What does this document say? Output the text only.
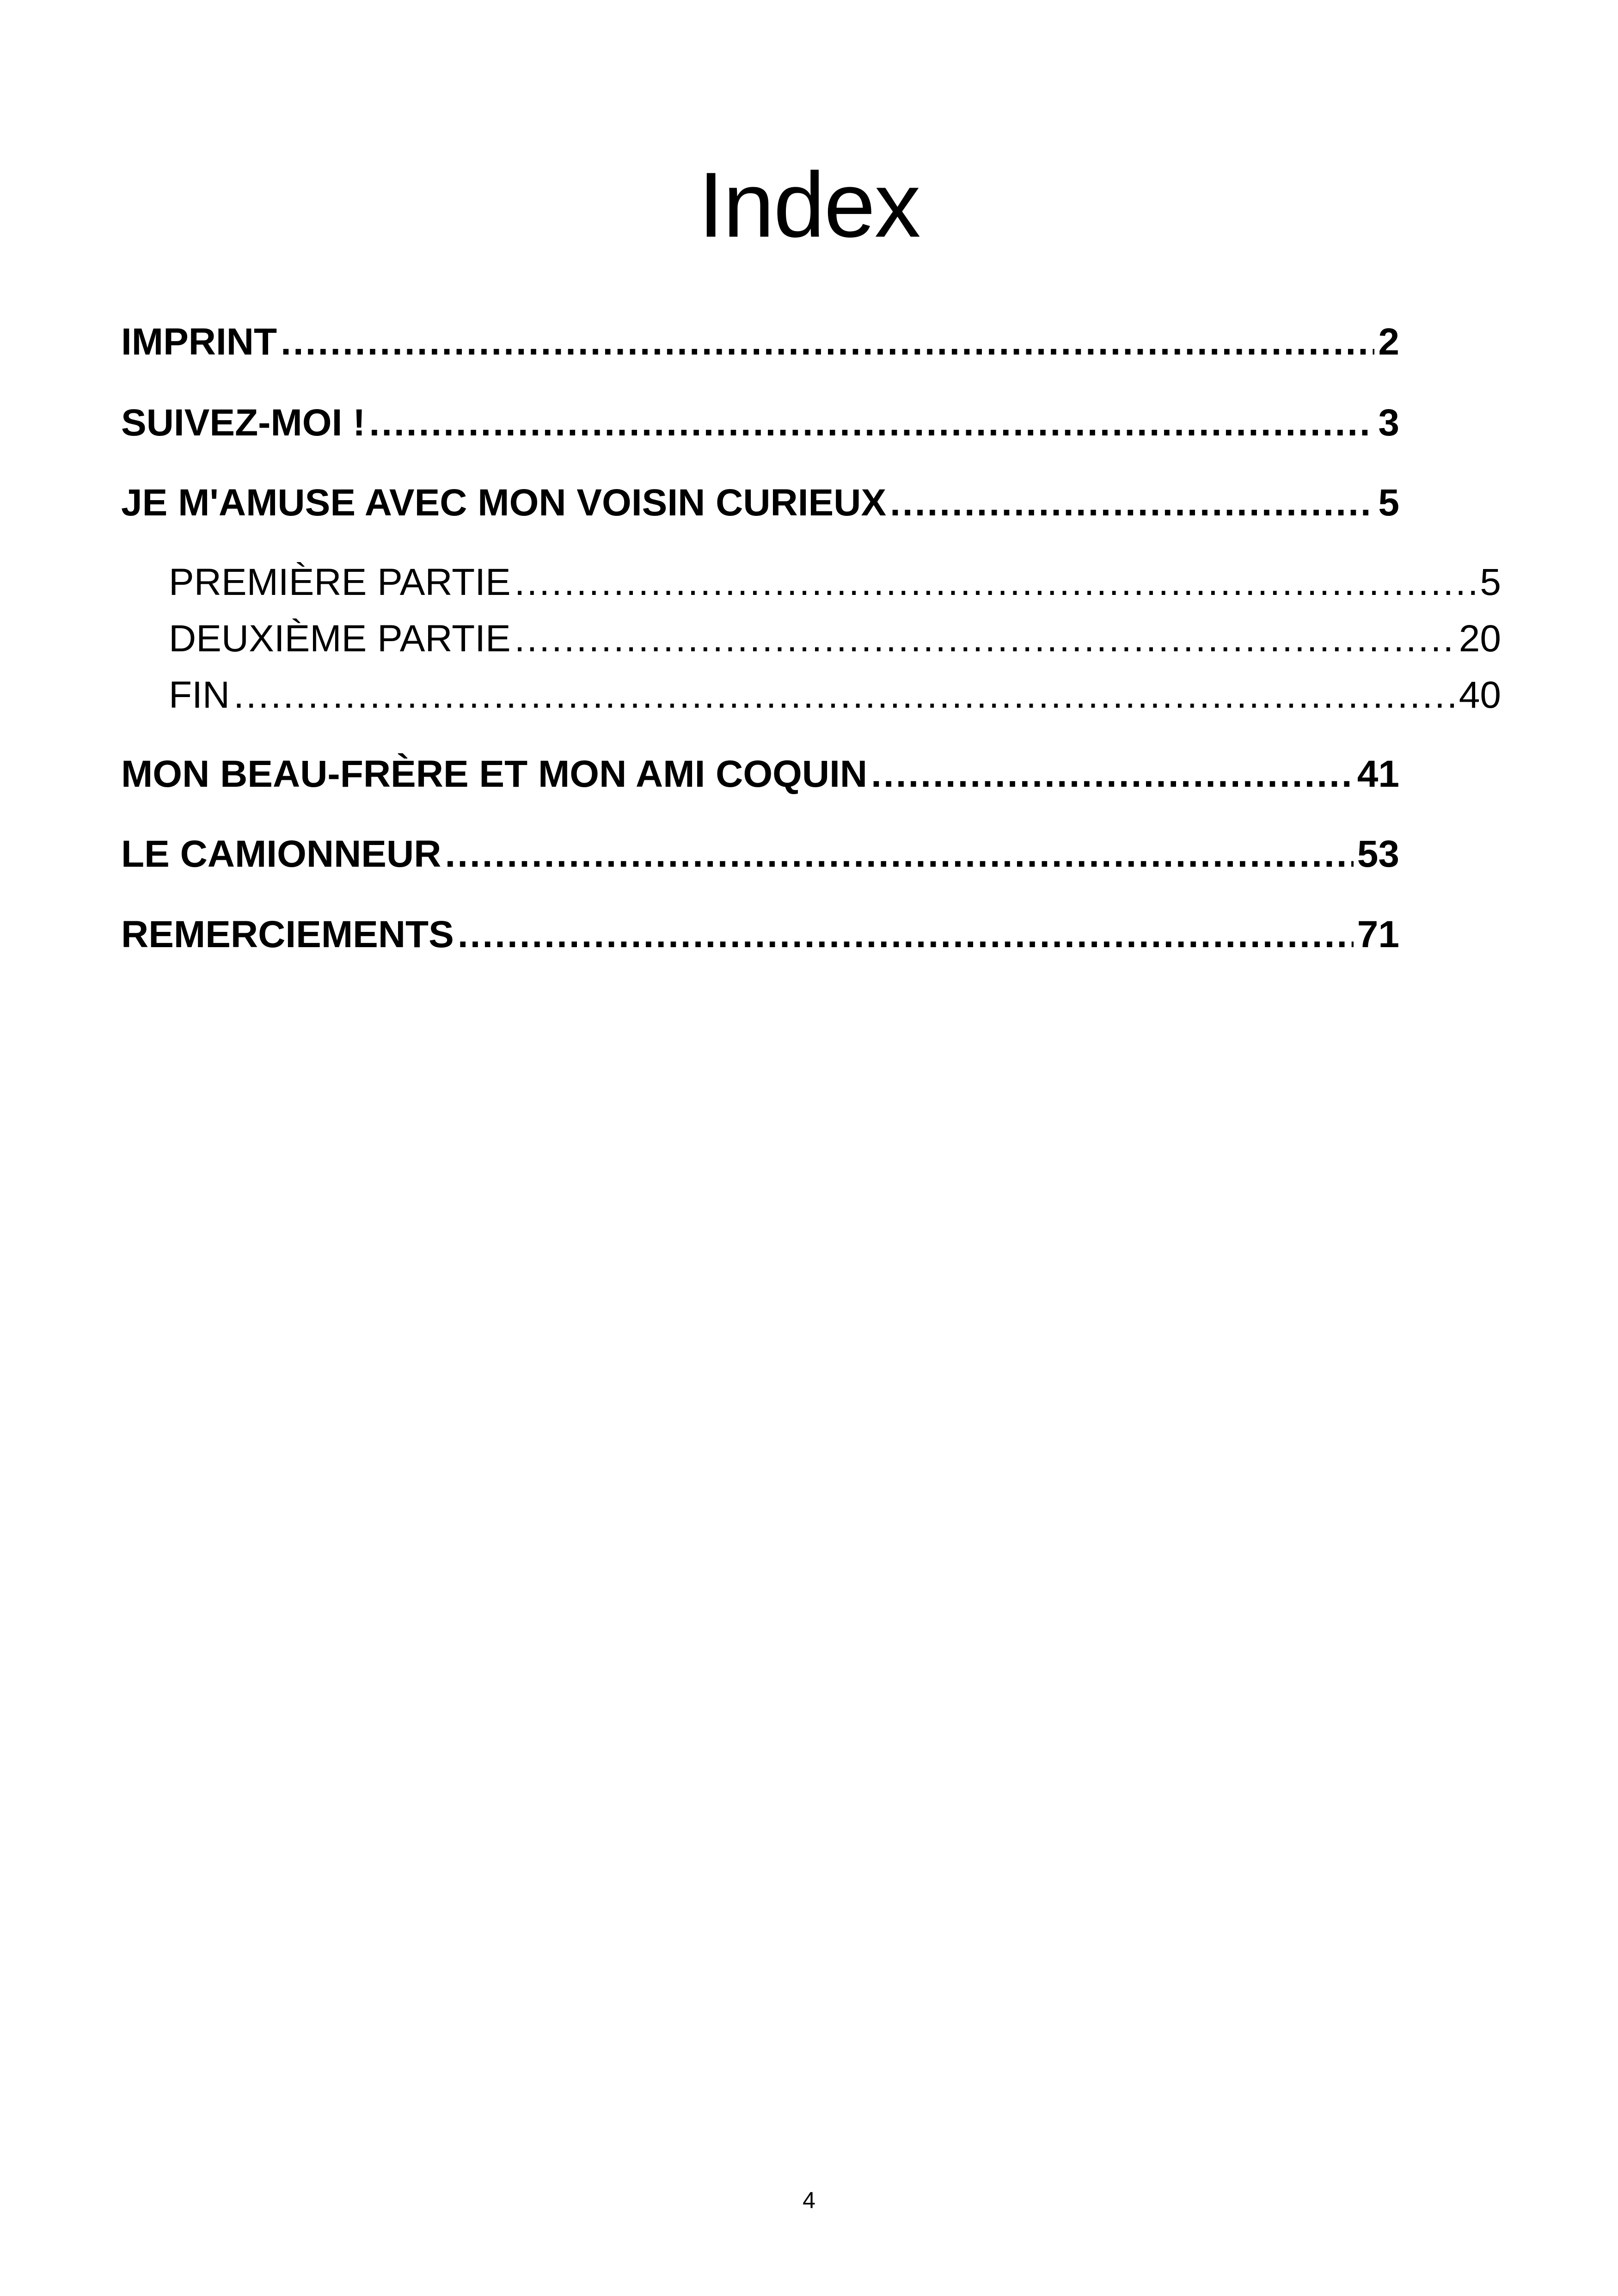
Index
IMPRINT .....	2
SUIVEZ-MOI ! .....	3
JE M'AMUSE AVEC MON VOISIN CURIEUX .....	5
PREMIÈRE PARTIE .....	5
DEUXIÈME PARTIE .....	20
FIN .....	40
MON BEAU-FRÈRE ET MON AMI COQUIN .....	41
LE CAMIONNEUR .....	53
REMERCIEMENTS .....	71
4
